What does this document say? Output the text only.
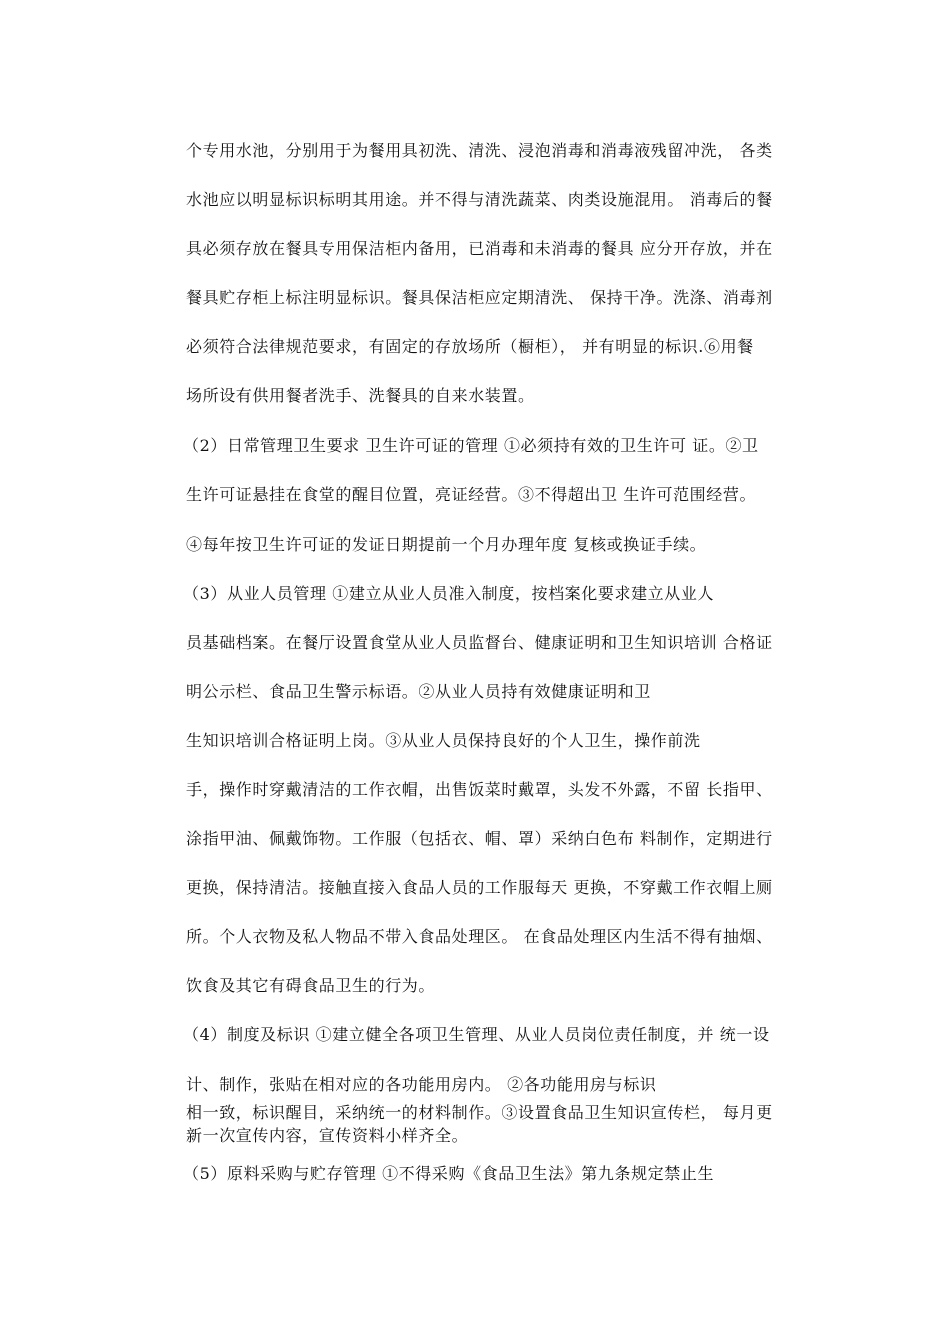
个专用水池，分别用于为餐用具初洗、清洗、浸泡消毒和消毒液残留冲洗， 各类
水池应以明显标识标明其用途。并不得与清洗蔬菜、肉类设施混用。 消毒后的餐
具必须存放在餐具专用保洁柜内备用，已消毒和未消毒的餐具 应分开存放，并在
餐具贮存柜上标注明显标识。餐具保洁柜应定期清洗、 保持干净。洗涤、消毒剂
必须符合法律规范要求，有固定的存放场所（橱柜）， 并有明显的标识.⑥用餐
场所设有供用餐者洗手、洗餐具的自来水装置。
（2）日常管理卫生要求 卫生许可证的管理 ①必须持有效的卫生许可 证。②卫
生许可证悬挂在食堂的醒目位置，亮证经营。③不得超出卫 生许可范围经营。
④每年按卫生许可证的发证日期提前一个月办理年度 复核或换证手续。
（3）从业人员管理 ①建立从业人员准入制度，按档案化要求建立从业人
员基础档案。在餐厅设置食堂从业人员监督台、健康证明和卫生知识培训 合格证
明公示栏、食品卫生警示标语。②从业人员持有效健康证明和卫
生知识培训合格证明上岗。③从业人员保持良好的个人卫生，操作前洗
手，操作时穿戴清洁的工作衣帽，出售饭菜时戴罩，头发不外露，不留 长指甲、
涂指甲油、佩戴饰物。工作服（包括衣、帽、罩）采纳白色布 料制作，定期进行
更换，保持清洁。接触直接入食品人员的工作服每天 更换，不穿戴工作衣帽上厕
所。个人衣物及私人物品不带入食品处理区。 在食品处理区内生活不得有抽烟、
饮食及其它有碍食品卫生的行为。
（4）制度及标识 ①建立健全各项卫生管理、从业人员岗位责任制度，并 统一设
计、制作，张贴在相对应的各功能用房内。 ②各功能用房与标识
相一致，标识醒目，采纳统一的材料制作。③设置食品卫生知识宣传栏， 每月更
新一次宣传内容，宣传资料小样齐全。
（5）原料采购与贮存管理 ①不得采购《食品卫生法》第九条规定禁止生
